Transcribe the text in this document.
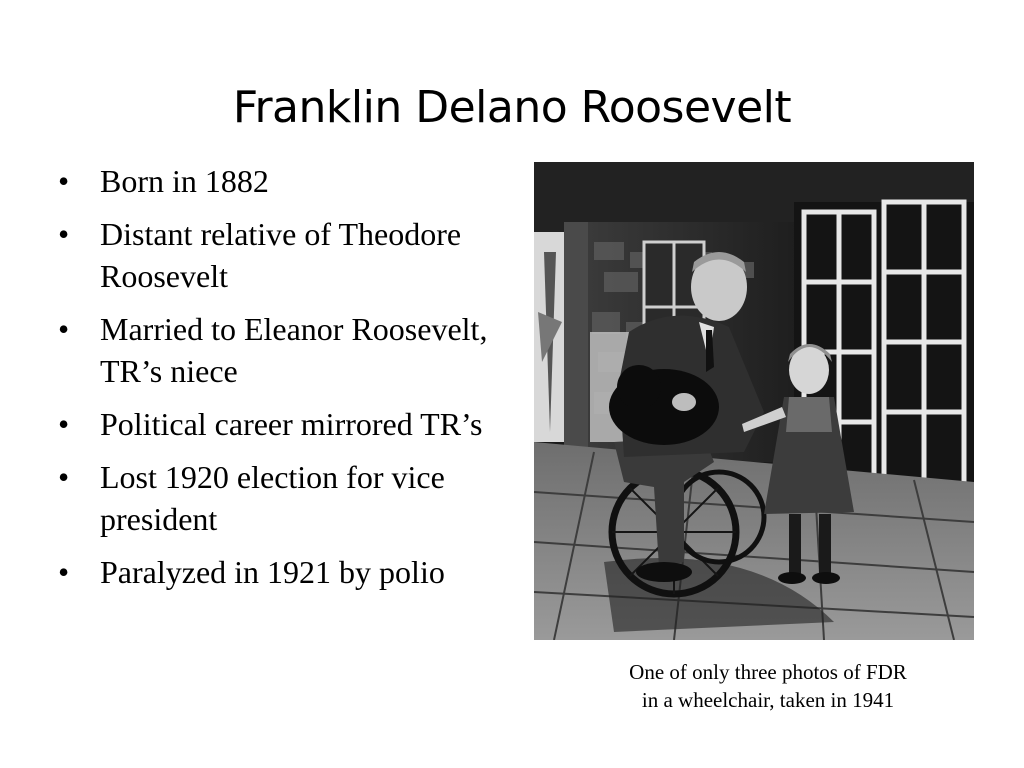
Franklin Delano Roosevelt
• Born in 1882
• Distant relative of Theodore Roosevelt
• Married to Eleanor Roosevelt, TR’s niece
• Political career mirrored TR’s
• Lost 1920 election for vice president
• Paralyzed in 1921 by polio
One of only three photos of FDR
in a wheelchair, taken in 1941
